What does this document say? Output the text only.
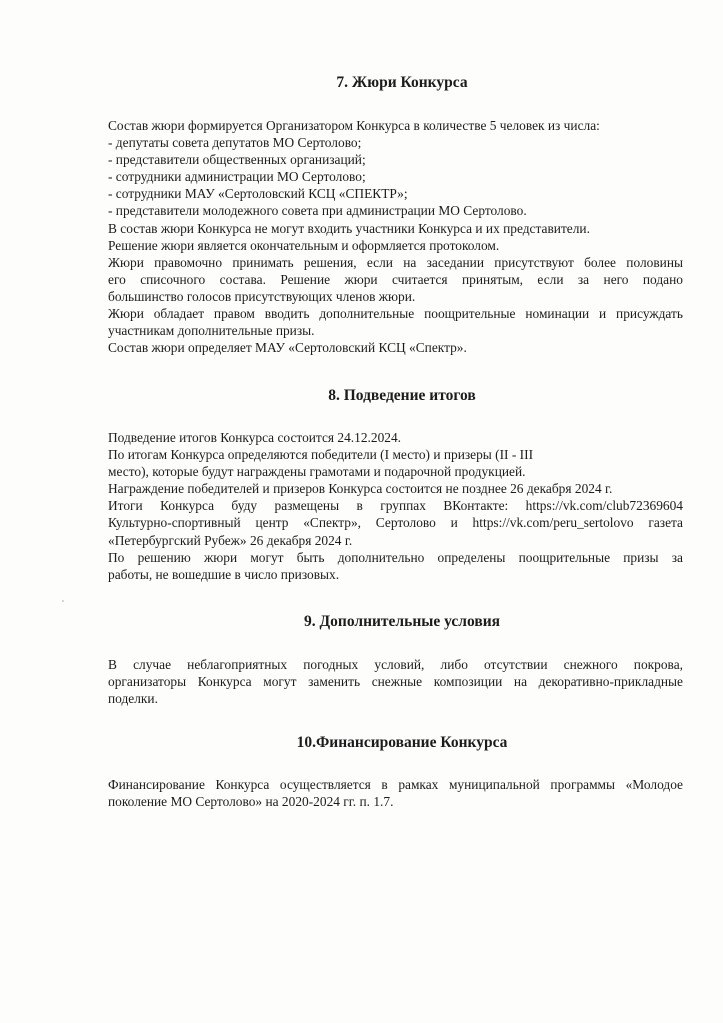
7. Жюри Конкурса
Состав жюри формируется Организатором Конкурса в количестве 5 человек из числа:
- депутаты совета депутатов МО Сертолово;
- представители общественных организаций;
- сотрудники администрации МО Сертолово;
- сотрудники МАУ «Сертоловский КСЦ «СПЕКТР»;
- представители молодежного совета при администрации МО Сертолово.
В состав жюри Конкурса не могут входить участники Конкурса и их представители.
Решение жюри является окончательным и оформляется протоколом.
Жюри правомочно принимать решения, если на заседании присутствуют более половины
его списочного состава. Решение жюри считается принятым, если за него подано
большинство голосов присутствующих членов жюри.
Жюри обладает правом вводить дополнительные поощрительные номинации и присуждать
участникам дополнительные призы.
Состав жюри определяет МАУ «Сертоловский КСЦ «Спектр».
8. Подведение итогов
Подведение итогов Конкурса состоится 24.12.2024.
По итогам Конкурса определяются победители (I место) и призеры (II - III
место), которые будут награждены грамотами и подарочной продукцией.
Награждение победителей и призеров Конкурса состоится не позднее 26 декабря 2024 г.
Итоги Конкурса буду размещены в группах ВКонтакте: https://vk.com/club72369604
Культурно-спортивный центр «Спектр», Сертолово и https://vk.com/peru_sertolovo газета
«Петербургский Рубеж» 26 декабря 2024 г.
По решению жюри могут быть дополнительно определены поощрительные призы за
работы, не вошедшие в число призовых.
9. Дополнительные условия
В случае неблагоприятных погодных условий, либо отсутствии снежного покрова,
организаторы Конкурса могут заменить снежные композиции на декоративно-прикладные
поделки.
10.Финансирование Конкурса
Финансирование Конкурса осуществляется в рамках муниципальной программы «Молодое
поколение МО Сертолово» на 2020-2024 гг. п. 1.7.
